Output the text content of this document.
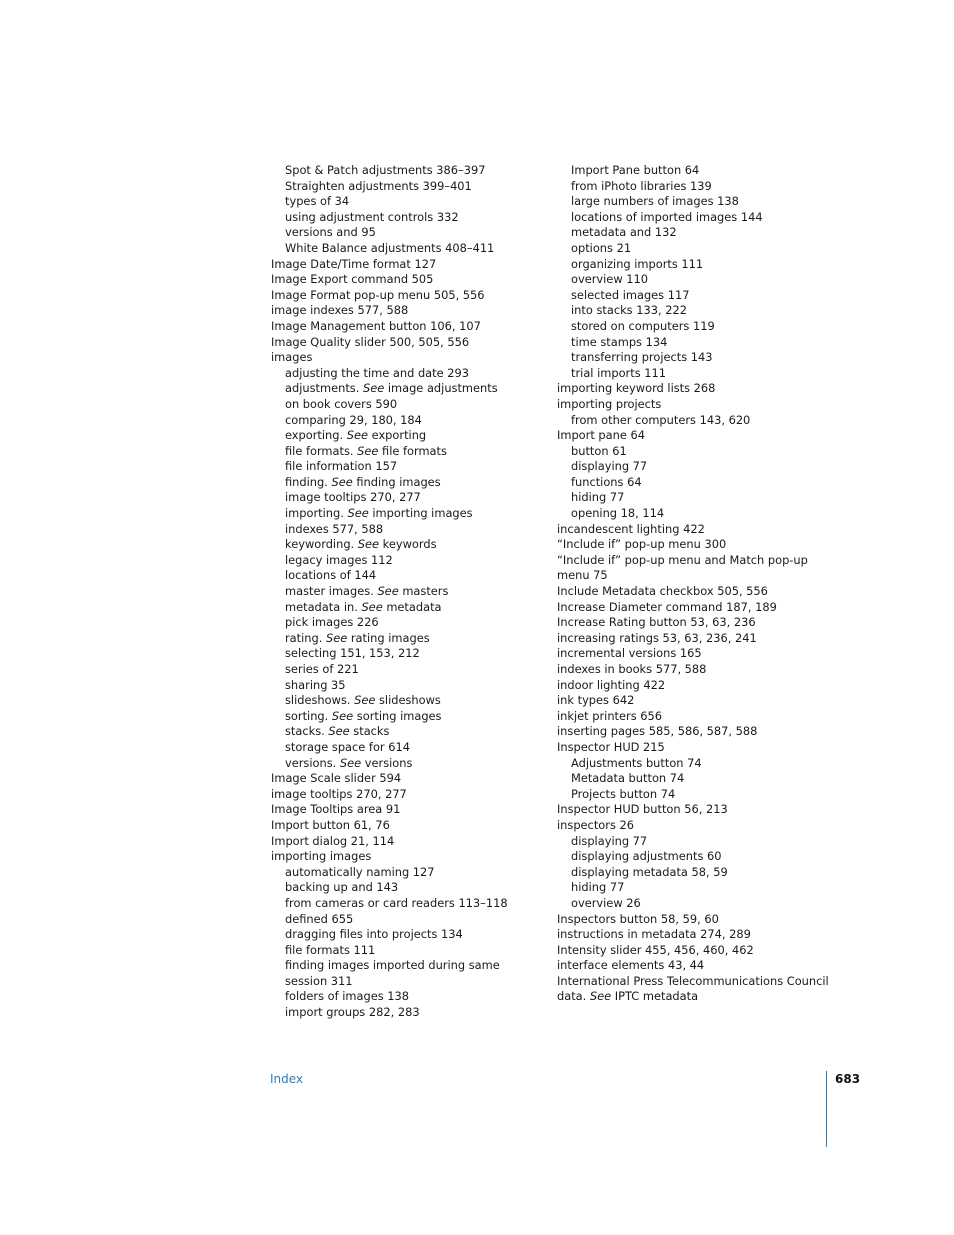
Spot & Patch adjustments 386–397
Straighten adjustments 399–401
types of 34
using adjustment controls 332
versions and 95
White Balance adjustments 408–411
Image Date/Time format 127
Image Export command 505
Image Format pop-up menu 505, 556
image indexes 577, 588
Image Management button 106, 107
Image Quality slider 500, 505, 556
images
adjusting the time and date 293
adjustments. See image adjustments
on book covers 590
comparing 29, 180, 184
exporting. See exporting
file formats. See file formats
file information 157
finding. See finding images
image tooltips 270, 277
importing. See importing images
indexes 577, 588
keywording. See keywords
legacy images 112
locations of 144
master images. See masters
metadata in. See metadata
pick images 226
rating. See rating images
selecting 151, 153, 212
series of 221
sharing 35
slideshows. See slideshows
sorting. See sorting images
stacks. See stacks
storage space for 614
versions. See versions
Image Scale slider 594
image tooltips 270, 277
Image Tooltips area 91
Import button 61, 76
Import dialog 21, 114
importing images
automatically naming 127
backing up and 143
from cameras or card readers 113–118
defined 655
dragging files into projects 134
file formats 111
finding images imported during same
session 311
folders of images 138
import groups 282, 283
Import Pane button 64
from iPhoto libraries 139
large numbers of images 138
locations of imported images 144
metadata and 132
options 21
organizing imports 111
overview 110
selected images 117
into stacks 133, 222
stored on computers 119
time stamps 134
transferring projects 143
trial imports 111
importing keyword lists 268
importing projects
from other computers 143, 620
Import pane 64
button 61
displaying 77
functions 64
hiding 77
opening 18, 114
incandescent lighting 422
“Include if” pop-up menu 300
“Include if” pop-up menu and Match pop-up
menu 75
Include Metadata checkbox 505, 556
Increase Diameter command 187, 189
Increase Rating button 53, 63, 236
increasing ratings 53, 63, 236, 241
incremental versions 165
indexes in books 577, 588
indoor lighting 422
ink types 642
inkjet printers 656
inserting pages 585, 586, 587, 588
Inspector HUD 215
Adjustments button 74
Metadata button 74
Projects button 74
Inspector HUD button 56, 213
inspectors 26
displaying 77
displaying adjustments 60
displaying metadata 58, 59
hiding 77
overview 26
Inspectors button 58, 59, 60
instructions in metadata 274, 289
Intensity slider 455, 456, 460, 462
interface elements 43, 44
International Press Telecommunications Council
data. See IPTC metadata
Index	683
